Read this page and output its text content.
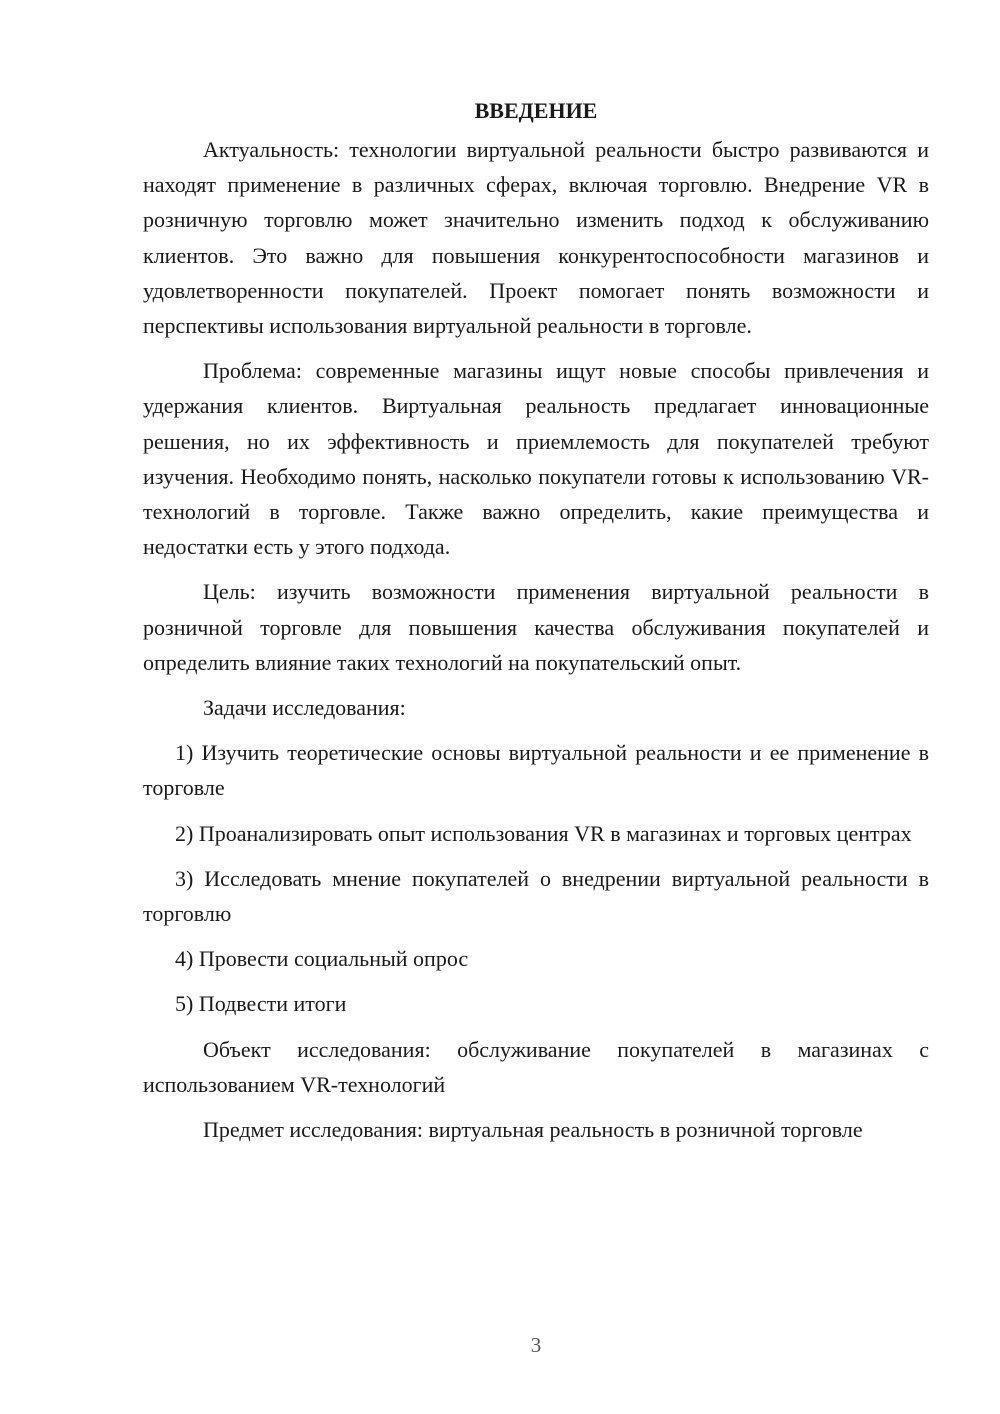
ВВЕДЕНИЕ

Актуальность: технологии виртуальной реальности быстро развиваются и находят применение в различных сферах, включая торговлю. Внедрение VR в розничную торговлю может значительно изменить подход к обслуживанию клиентов. Это важно для повышения конкурентоспособности магазинов и удовлетворенности покупателей. Проект помогает понять возможности и перспективы использования виртуальной реальности в торговле.

Проблема: современные магазины ищут новые способы привлечения и удержания клиентов. Виртуальная реальность предлагает инновационные решения, но их эффективность и приемлемость для покупателей требуют изучения. Необходимо понять, насколько покупатели готовы к использованию VR-технологий в торговле. Также важно определить, какие преимущества и недостатки есть у этого подхода.

Цель: изучить возможности применения виртуальной реальности в розничной торговле для повышения качества обслуживания покупателей и определить влияние таких технологий на покупательский опыт.

Задачи исследования:

1) Изучить теоретические основы виртуальной реальности и ее применение в торговле

2) Проанализировать опыт использования VR в магазинах и торговых центрах

3) Исследовать мнение покупателей о внедрении виртуальной реальности в торговлю

4) Провести социальный опрос

5) Подвести итоги

Объект исследования: обслуживание покупателей в магазинах с использованием VR-технологий

Предмет исследования: виртуальная реальность в розничной торговле

3
